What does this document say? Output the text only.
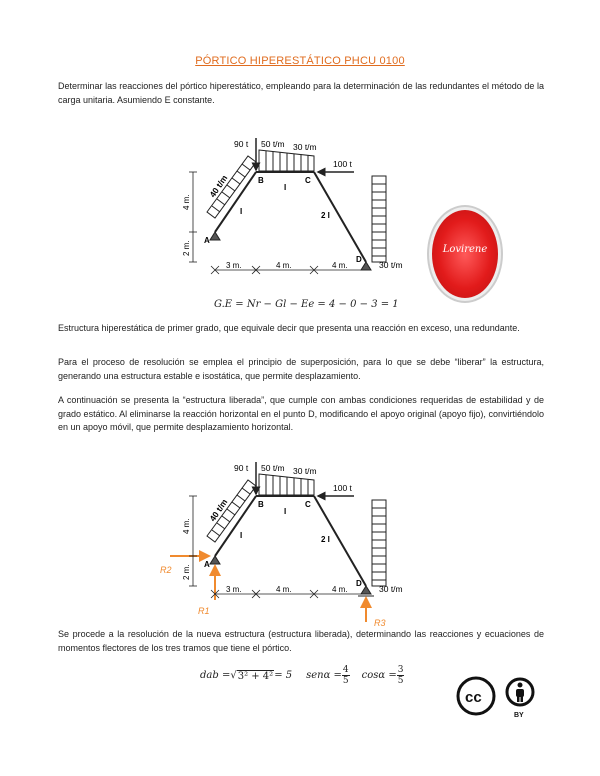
PÓRTICO HIPERESTÁTICO PHCU 0100
Determinar las reacciones del pórtico hiperestático, empleando para la determinación de las redundantes el método de la carga unitaria. Asumiendo E constante.
90 t 50 t/m 30 t/m
100 t
40 t/m
30 t/m
A
B	C
D
I
I
2 I
4 m.
2 m.
3 m.	4 m.	4 m.
90 t 50 t/m 30 t/m
100 t
40 t/m
30 t/m
A
B	C
D
I
I
2 I
4 m.
2 m.
3 m.	4 m.	4 m.
R2
R1
R3
Lovirene
G.E = Nr − Gl − Ee = 4 − 0 − 3 = 1
Estructura hiperestática de primer grado, que equivale decir que presenta una reacción en exceso, una redundante.
Para el proceso de resolución se emplea el principio de superposición, para lo que se debe “liberar” la estructura, generando una estructura estable e isostática, que permite desplazamiento.
A continuación se presenta la “estructura liberada”, que cumple con ambas condiciones requeridas de estabilidad y de grado estático. Al eliminarse la reacción horizontal en el punto D, modificando el apoyo original (apoyo fijo), convirtiéndolo en un apoyo móvil, que permite desplazamiento horizontal.
Se procede a la resolución de la nueva estructura (estructura liberada), determinando las reacciones y ecuaciones de momentos flectores de los tres tramos que tiene el pórtico.
dab = √ 3² + 4² = 5 $sen\alpha = \frac{4}{5}$ $\cos\alpha = \frac{3}{5}$
cc
BY
